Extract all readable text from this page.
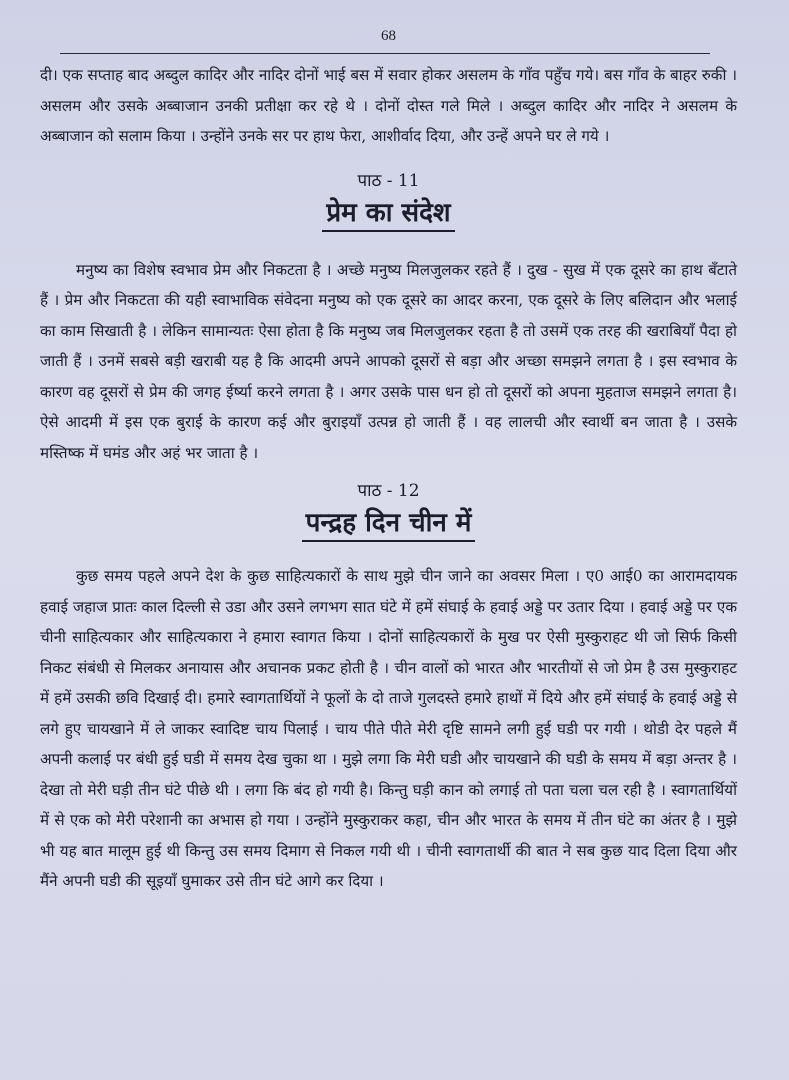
68

दी। एक सप्ताह बाद अब्दुल कादिर और नादिर दोनों भाई बस में सवार होकर असलम के गाँव पहुँच गये। बस गाँव के बाहर रुकी । असलम और उसके अब्बाजान उनकी प्रतीक्षा कर रहे थे । दोनों दोस्त गले मिले । अब्दुल कादिर और नादिर ने असलम के अब्बाजान को सलाम किया । उन्होंने उनके सर पर हाथ फेरा, आशीर्वाद दिया, और उन्हें अपने घर ले गये ।

पाठ - 11
प्रेम का संदेश

मनुष्य का विशेष स्वभाव प्रेम और निकटता है । अच्छे मनुष्य मिलजुलकर रहते हैं । दुख - सुख में एक दूसरे का हाथ बँटाते हैं । प्रेम और निकटता की यही स्वाभाविक संवेदना मनुष्य को एक दूसरे का आदर करना, एक दूसरे के लिए बलिदान और भलाई का काम सिखाती है । लेकिन सामान्यतः ऐसा होता है कि मनुष्य जब मिलजुलकर रहता है तो उसमें एक तरह की खराबियाँ पैदा हो जाती हैं । उनमें सबसे बड़ी खराबी यह है कि आदमी अपने आपको दूसरों से बड़ा और अच्छा समझने लगता है । इस स्वभाव के कारण वह दूसरों से प्रेम की जगह ईर्ष्या करने लगता है । अगर उसके पास धन हो तो दूसरों को अपना मुहताज समझने लगता है। ऐसे आदमी में इस एक बुराई के कारण कई और बुराइयाँ उत्पन्न हो जाती हैं । वह लालची और स्वार्थी बन जाता है । उसके मस्तिष्क में घमंड और अहं भर जाता है ।

पाठ - 12
पन्द्रह दिन चीन में

कुछ समय पहले अपने देश के कुछ साहित्यकारों के साथ मुझे चीन जाने का अवसर मिला । ए0 आई0 का आरामदायक हवाई जहाज प्रातः काल दिल्ली से उडा और उसने लगभग सात घंटे में हमें संघाई के हवाई अड्डे पर उतार दिया । हवाई अड्डे पर एक चीनी साहित्यकार और साहित्यकारा ने हमारा स्वागत किया । दोनों साहित्यकारों के मुख पर ऐसी मुस्कुराहट थी जो सिर्फ किसी निकट संबंधी से मिलकर अनायास और अचानक प्रकट होती है । चीन वालों को भारत और भारतीयों से जो प्रेम है उस मुस्कुराहट में हमें उसकी छवि दिखाई दी। हमारे स्वागतार्थियों ने फूलों के दो ताजे गुलदस्ते हमारे हाथों में दिये और हमें संघाई के हवाई अड्डे से लगे हुए चायखाने में ले जाकर स्वादिष्ट चाय पिलाई । चाय पीते पीते मेरी दृष्टि सामने लगी हुई घडी पर गयी । थोडी देर पहले मैं अपनी कलाई पर बंधी हुई घडी में समय देख चुका था । मुझे लगा कि मेरी घडी और चायखाने की घडी के समय में बड़ा अन्तर है । देखा तो मेरी घड़ी तीन घंटे पीछे थी । लगा कि बंद हो गयी है। किन्तु घड़ी कान को लगाई तो पता चला चल रही है । स्वागतार्थियों में से एक को मेरी परेशानी का अभास हो गया । उन्होंने मुस्कुराकर कहा, चीन और भारत के समय में तीन घंटे का अंतर है । मुझे भी यह बात मालूम हुई थी किन्तु उस समय दिमाग से निकल गयी थी । चीनी स्वागतार्थी की बात ने सब कुछ याद दिला दिया और मैंने अपनी घडी की सूइयाँ घुमाकर उसे तीन घंटे आगे कर दिया ।
